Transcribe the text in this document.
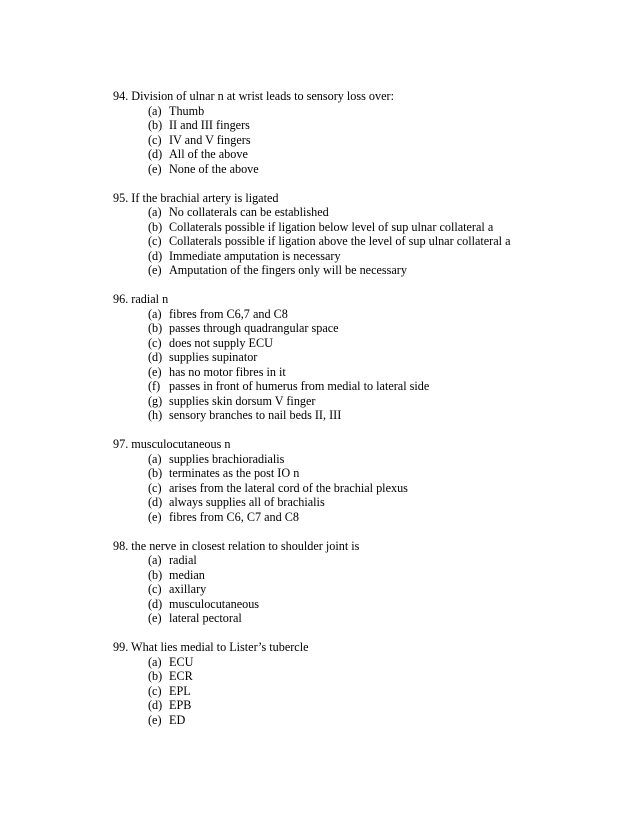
94. Division of ulnar n at wrist leads to sensory loss over:
(a) Thumb
(b) II and III fingers
(c) IV and V fingers
(d) All of the above
(e) None of the above
95. If the brachial artery is ligated
(a) No collaterals can be established
(b) Collaterals possible if ligation below level of sup ulnar collateral a
(c) Collaterals possible if ligation above the level of sup ulnar collateral a
(d) Immediate amputation is necessary
(e) Amputation of the fingers only will be necessary
96. radial n
(a) fibres from C6,7 and C8
(b) passes through quadrangular space
(c) does not supply ECU
(d) supplies supinator
(e) has no motor fibres in it
(f) passes in front of humerus from medial to lateral side
(g) supplies skin dorsum V finger
(h) sensory branches to nail beds II, III
97. musculocutaneous n
(a) supplies brachioradialis
(b) terminates as the post IO n
(c) arises from the lateral cord of the brachial plexus
(d) always supplies all of brachialis
(e) fibres from C6, C7 and C8
98. the nerve in closest relation to shoulder joint is
(a) radial
(b) median
(c) axillary
(d) musculocutaneous
(e) lateral pectoral
99. What lies medial to Lister’s tubercle
(a) ECU
(b) ECR
(c) EPL
(d) EPB
(e) ED
